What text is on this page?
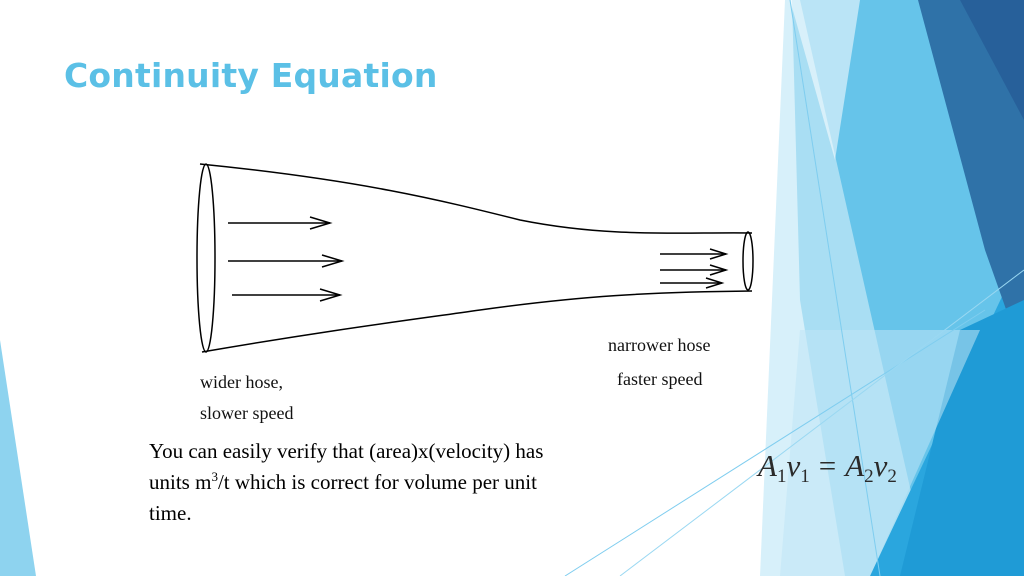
Continuity Equation
wider hose,
slower speed
narrower hose
faster speed

You can easily verify that (area)x(velocity) has
units $m^3/t$ which is correct for volume per unit
time.

$A_1v_1 = A_2v_2$
